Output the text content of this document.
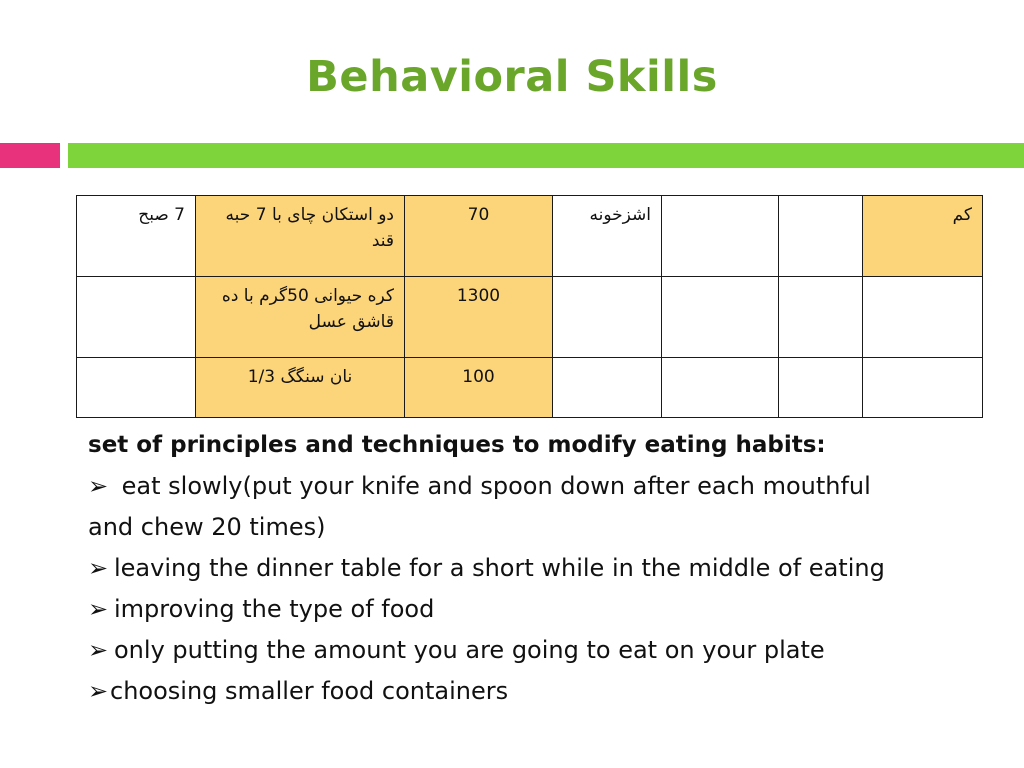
Behavioral Skills
7 صبح	دو استکان چای با 7 حبه قند	70	اشزخونه			کم
	کره حیوانی 50گرم با ده قاشق عسل	1300				
	نان سنگگ 1/3	100				

set of principles and techniques to modify eating habits:

➢ eat slowly(put your knife and spoon down after each mouthful

and chew 20 times)

➢ leaving the dinner table for a short while in the middle of eating

➢ improving the type of food

➢ only putting the amount you are going to eat on your plate

➢choosing smaller food containers
